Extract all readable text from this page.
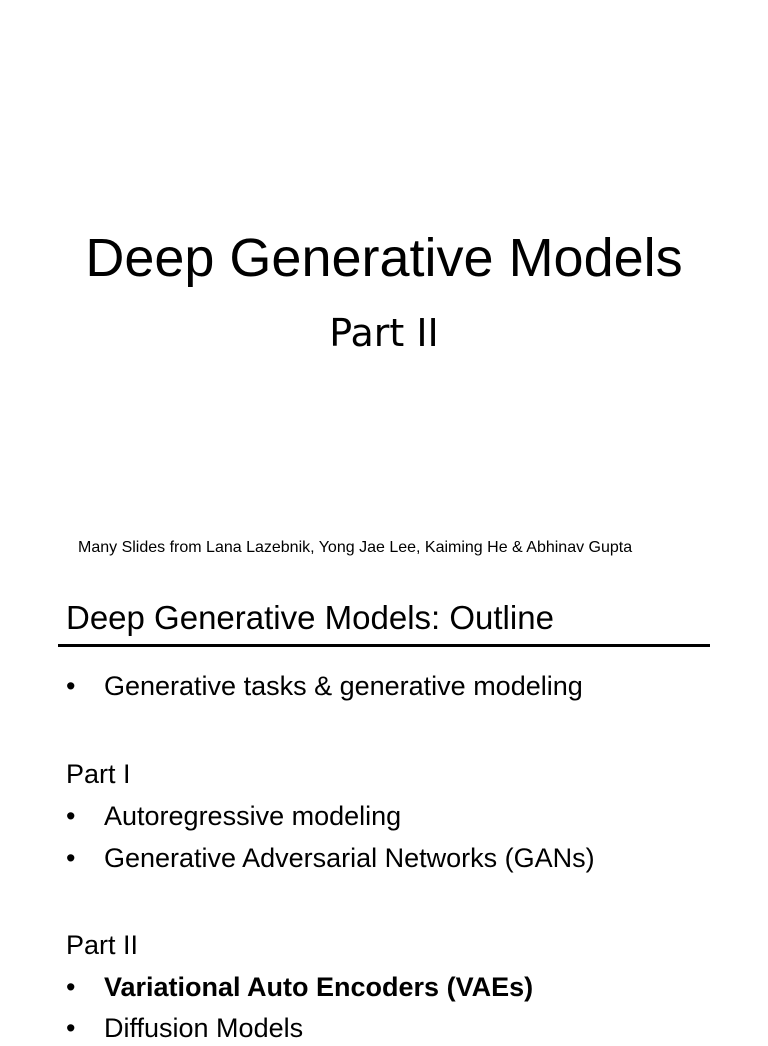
Deep Generative Models
Part II
Many Slides from Lana Lazebnik, Yong Jae Lee, Kaiming He & Abhinav Gupta
Deep Generative Models: Outline
•	Generative tasks & generative modeling
Part I
•	Autoregressive modeling
•	Generative Adversarial Networks (GANs)
Part II
•	Variational Auto Encoders (VAEs)
•	Diffusion Models
